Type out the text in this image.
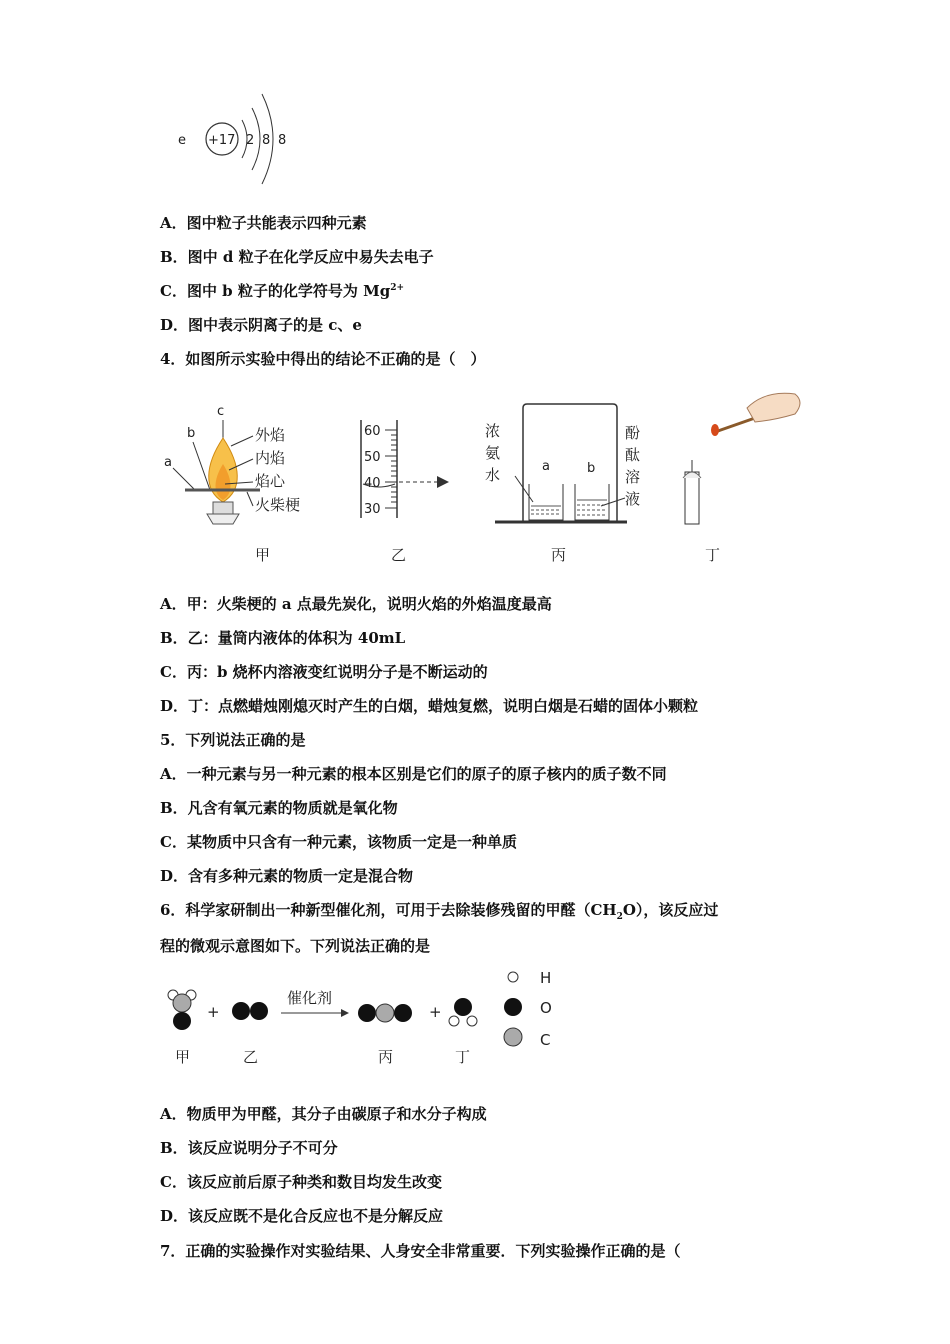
e +17 2 8 8
A．图中粒子共能表示四种元素
B．图中 d 粒子在化学反应中易失去电子
C．图中 b 粒子的化学符号为 $Mg^{2+}$
D．图中表示阴离子的是 c、e
4．如图所示实验中得出的结论不正确的是（　）
c
b
a
外焰
内焰
焰心
火柴梗
甲
60
50
40
30
乙
浓
氨
水
酚
酞
溶
液
a	b
丙	丁
A．甲：火柴梗的 a 点最先炭化，说明火焰的外焰温度最高
B．乙：量筒内液体的体积为 40mL
C．丙：b 烧杯内溶液变红说明分子是不断运动的
D．丁：点燃蜡烛刚熄灭时产生的白烟，蜡烛复燃，说明白烟是石蜡的固体小颗粒
5．下列说法正确的是
A．一种元素与另一种元素的根本区别是它们的原子的原子核内的质子数不同
B．凡含有氧元素的物质就是氧化物
C．某物质中只含有一种元素，该物质一定是一种单质
D．含有多种元素的物质一定是混合物
6．科学家研制出一种新型催化剂，可用于去除装修残留的甲醛$(CH_2O)$，该反应过
程的微观示意图如下。下列说法正确的是
甲
+
乙
催化剂
丙
+
丁
H
O
C
A．物质甲为甲醛，其分子由碳原子和水分子构成
B．该反应说明分子不可分
C．该反应前后原子种类和数目均发生改变
D．该反应既不是化合反应也不是分解反应
7．正确的实验操作对实验结果、人身安全非常重要．下列实验操作正确的是（
